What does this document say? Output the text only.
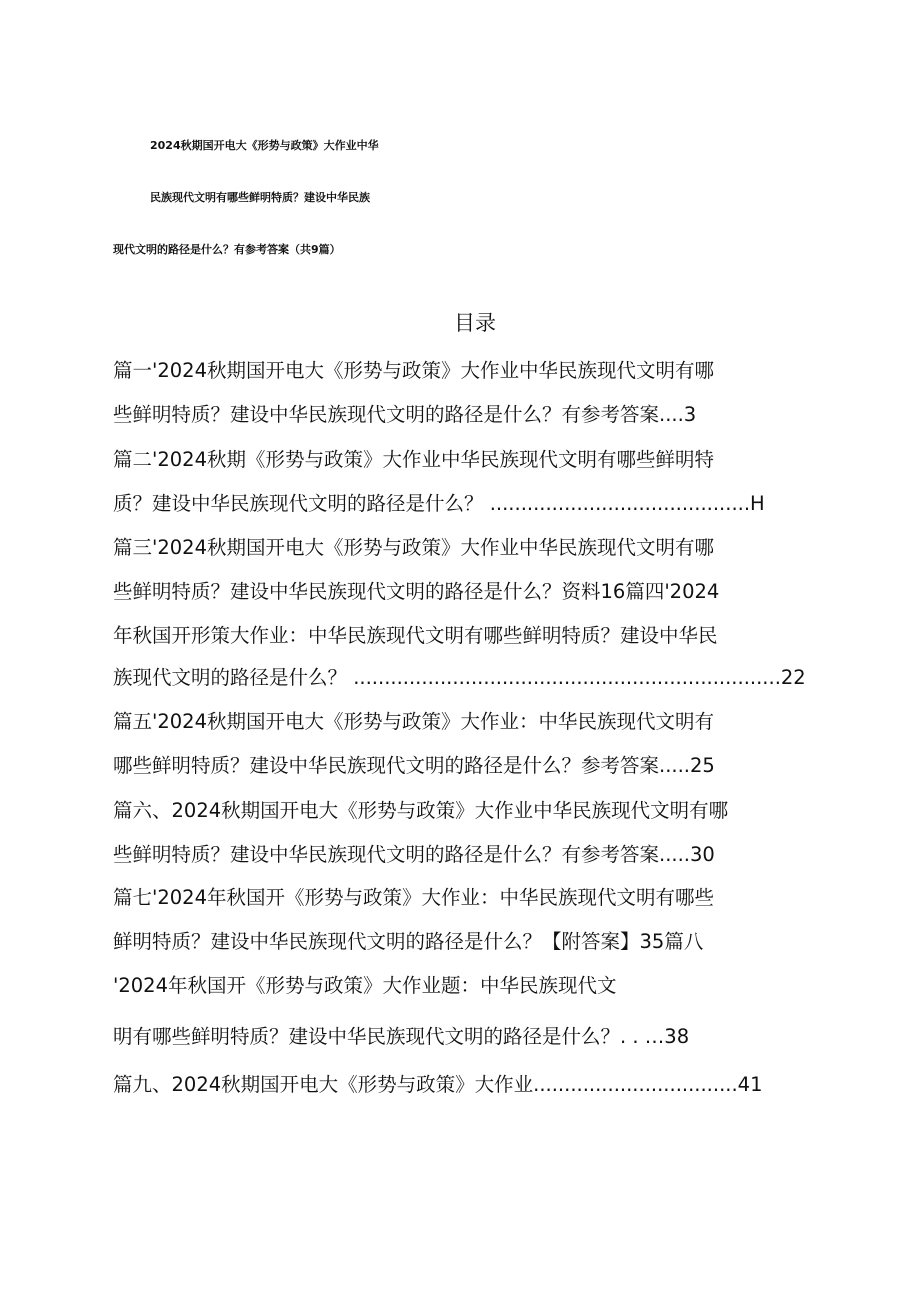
2024秋期国开电大《形势与政策》大作业中华
民族现代文明有哪些鲜明特质？建设中华民族
现代文明的路径是什么？有参考答案（共9篇）
目录
篇一'2024秋期国开电大《形势与政策》大作业中华民族现代文明有哪
些鲜明特质？建设中华民族现代文明的路径是什么？有参考答案....3
篇二'2024秋期《形势与政策》大作业中华民族现代文明有哪些鲜明特
质？建设中华民族现代文明的路径是什么？ ..........................................H
篇三'2024秋期国开电大《形势与政策》大作业中华民族现代文明有哪
些鲜明特质？建设中华民族现代文明的路径是什么？资料16篇四'2024
年秋国开形策大作业：中华民族现代文明有哪些鲜明特质？建设中华民
族现代文明的路径是什么？ .....................................................................22
篇五'2024秋期国开电大《形势与政策》大作业：中华民族现代文明有
哪些鲜明特质？建设中华民族现代文明的路径是什么？参考答案.....25
篇六、2024秋期国开电大《形势与政策》大作业中华民族现代文明有哪
些鲜明特质？建设中华民族现代文明的路径是什么？有参考答案.....30
篇七'2024年秋国开《形势与政策》大作业：中华民族现代文明有哪些
鲜明特质？建设中华民族现代文明的路径是什么？【附答案】35篇八
'2024年秋国开《形势与政策》大作业题：中华民族现代文
明有哪些鲜明特质？建设中华民族现代文明的路径是什么？. . …38
篇九、2024秋期国开电大《形势与政策》大作业.................................41
